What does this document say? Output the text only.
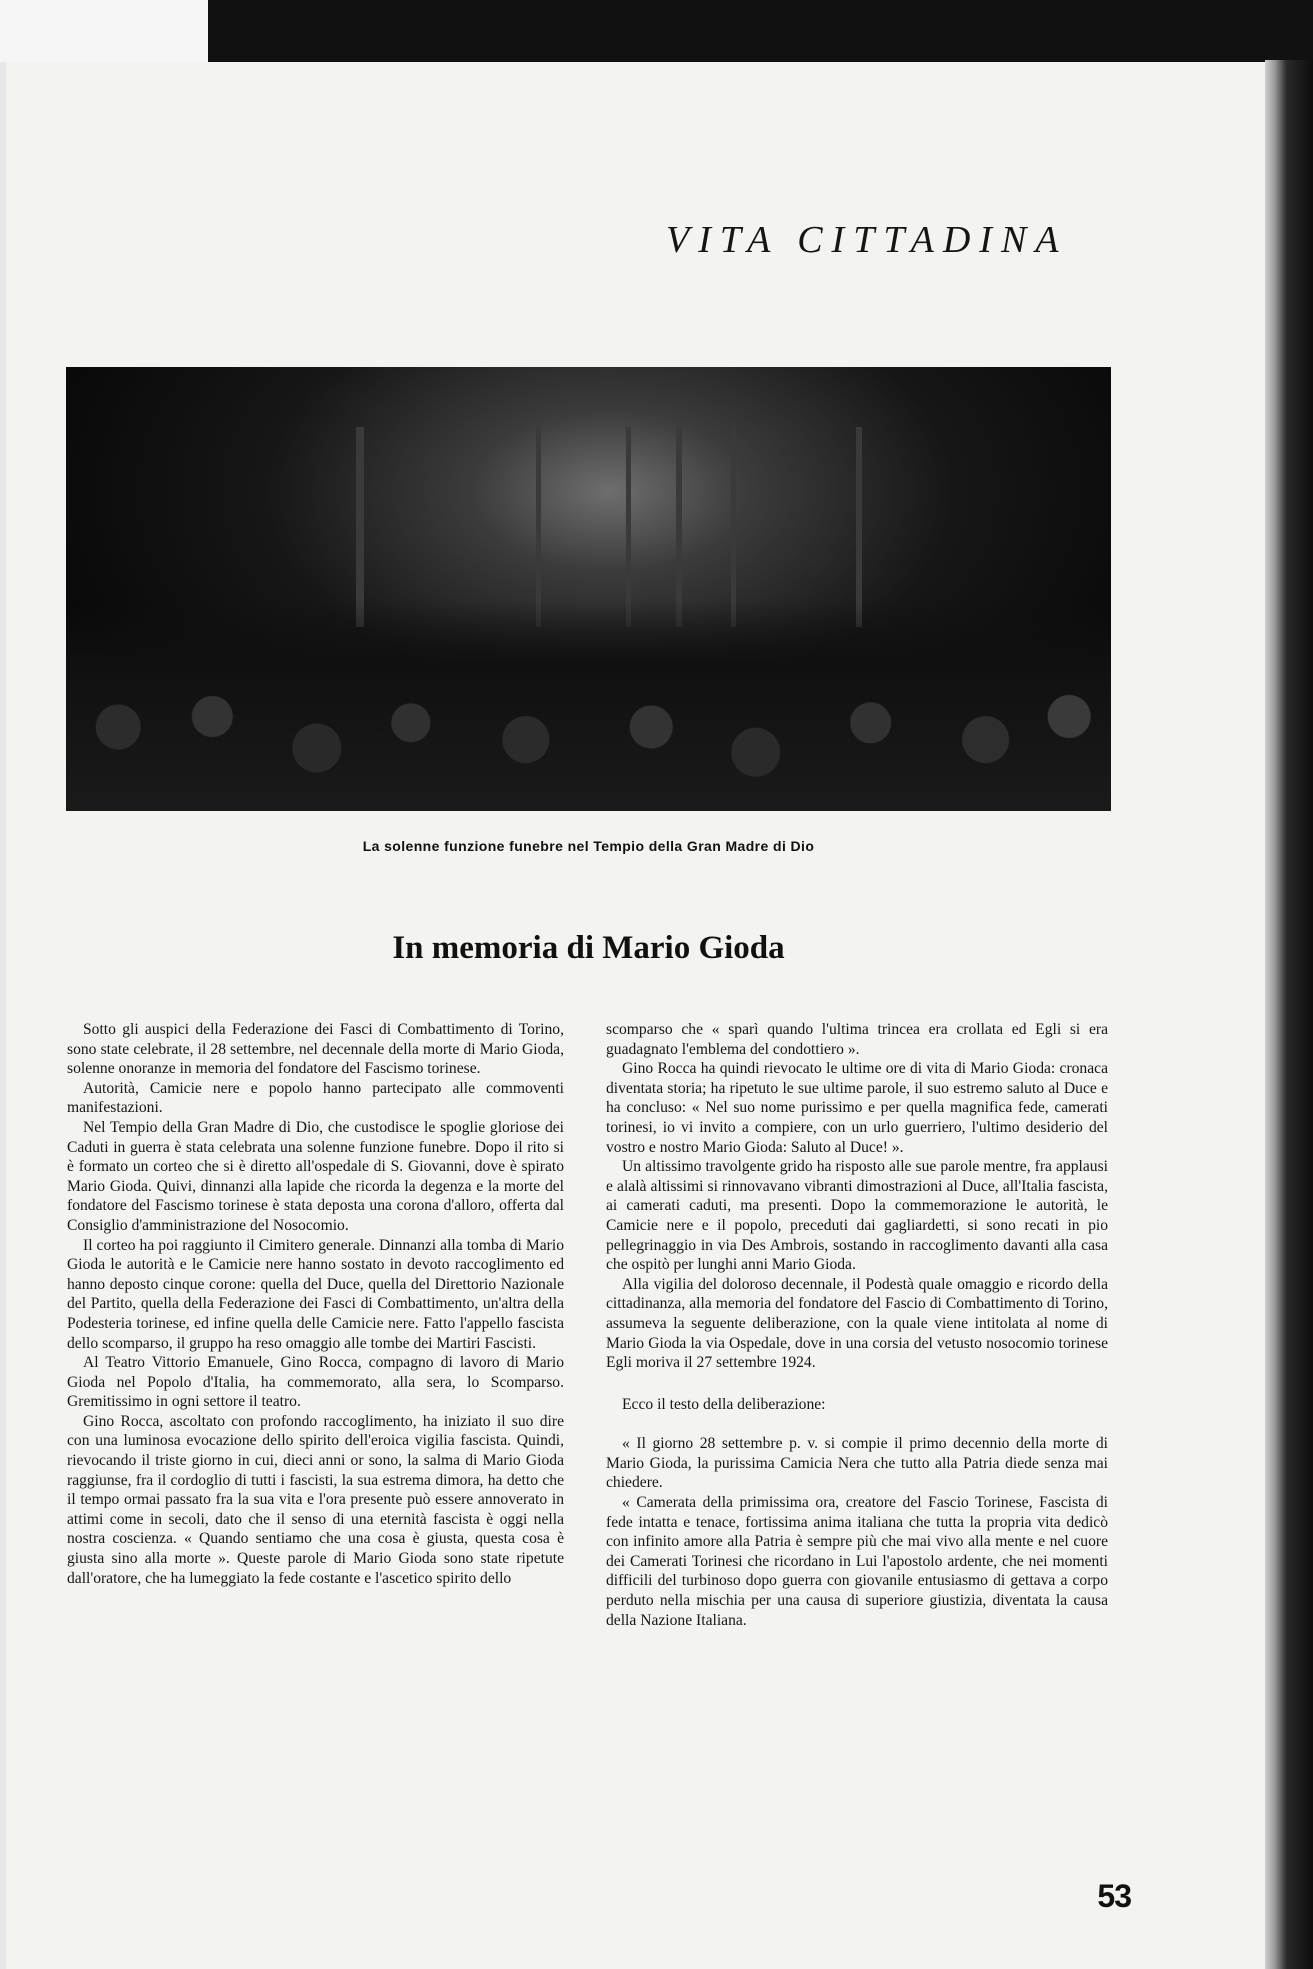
VITA CITTADINA
La solenne funzione funebre nel Tempio della Gran Madre di Dio
In memoria di Mario Gioda

Sotto gli auspici della Federazione dei Fasci di Combattimento di Torino, sono state celebrate, il 28 settembre, nel decennale della morte di Mario Gioda, solenne onoranze in memoria del fondatore del Fascismo torinese.

Autorità, Camicie nere e popolo hanno partecipato alle commoventi manifestazioni.

Nel Tempio della Gran Madre di Dio, che custodisce le spoglie gloriose dei Caduti in guerra è stata celebrata una solenne funzione funebre. Dopo il rito si è formato un corteo che si è diretto all'ospedale di S. Giovanni, dove è spirato Mario Gioda. Quivi, dinnanzi alla lapide che ricorda la degenza e la morte del fondatore del Fascismo torinese è stata deposta una corona d'alloro, offerta dal Consiglio d'amministrazione del Nosocomio.

Il corteo ha poi raggiunto il Cimitero generale. Dinnanzi alla tomba di Mario Gioda le autorità e le Camicie nere hanno sostato in devoto raccoglimento ed hanno deposto cinque corone: quella del Duce, quella del Direttorio Nazionale del Partito, quella della Federazione dei Fasci di Combattimento, un'altra della Podesteria torinese, ed infine quella delle Camicie nere. Fatto l'appello fascista dello scomparso, il gruppo ha reso omaggio alle tombe dei Martiri Fascisti.

Al Teatro Vittorio Emanuele, Gino Rocca, compagno di lavoro di Mario Gioda nel Popolo d'Italia, ha commemorato, alla sera, lo Scomparso. Gremitissimo in ogni settore il teatro.

Gino Rocca, ascoltato con profondo raccoglimento, ha iniziato il suo dire con una luminosa evocazione dello spirito dell'eroica vigilia fascista. Quindi, rievocando il triste giorno in cui, dieci anni or sono, la salma di Mario Gioda raggiunse, fra il cordoglio di tutti i fascisti, la sua estrema dimora, ha detto che il tempo ormai passato fra la sua vita e l'ora presente può essere annoverato in attimi come in secoli, dato che il senso di una eternità fascista è oggi nella nostra coscienza. « Quando sentiamo che una cosa è giusta, questa cosa è giusta sino alla morte ». Queste parole di Mario Gioda sono state ripetute dall'oratore, che ha lumeggiato la fede costante e l'ascetico spirito dello

scomparso che « sparì quando l'ultima trincea era crollata ed Egli si era guadagnato l'emblema del condottiero ».

Gino Rocca ha quindi rievocato le ultime ore di vita di Mario Gioda: cronaca diventata storia; ha ripetuto le sue ultime parole, il suo estremo saluto al Duce e ha concluso: « Nel suo nome purissimo e per quella magnifica fede, camerati torinesi, io vi invito a compiere, con un urlo guerriero, l'ultimo desiderio del vostro e nostro Mario Gioda: Saluto al Duce! ».

Un altissimo travolgente grido ha risposto alle sue parole mentre, fra applausi e alalà altissimi si rinnovavano vibranti dimostrazioni al Duce, all'Italia fascista, ai camerati caduti, ma presenti. Dopo la commemorazione le autorità, le Camicie nere e il popolo, preceduti dai gagliardetti, si sono recati in pio pellegrinaggio in via Des Ambrois, sostando in raccoglimento davanti alla casa che ospitò per lunghi anni Mario Gioda.

Alla vigilia del doloroso decennale, il Podestà quale omaggio e ricordo della cittadinanza, alla memoria del fondatore del Fascio di Combattimento di Torino, assumeva la seguente deliberazione, con la quale viene intitolata al nome di Mario Gioda la via Ospedale, dove in una corsia del vetusto nosocomio torinese Egli moriva il 27 settembre 1924.

Ecco il testo della deliberazione:

« Il giorno 28 settembre p. v. si compie il primo decennio della morte di Mario Gioda, la purissima Camicia Nera che tutto alla Patria diede senza mai chiedere.

« Camerata della primissima ora, creatore del Fascio Torinese, Fascista di fede intatta e tenace, fortissima anima italiana che tutta la propria vita dedicò con infinito amore alla Patria è sempre più che mai vivo alla mente e nel cuore dei Camerati Torinesi che ricordano in Lui l'apostolo ardente, che nei momenti difficili del turbinoso dopo guerra con giovanile entusiasmo di gettava a corpo perduto nella mischia per una causa di superiore giustizia, diventata la causa della Nazione Italiana.

53
